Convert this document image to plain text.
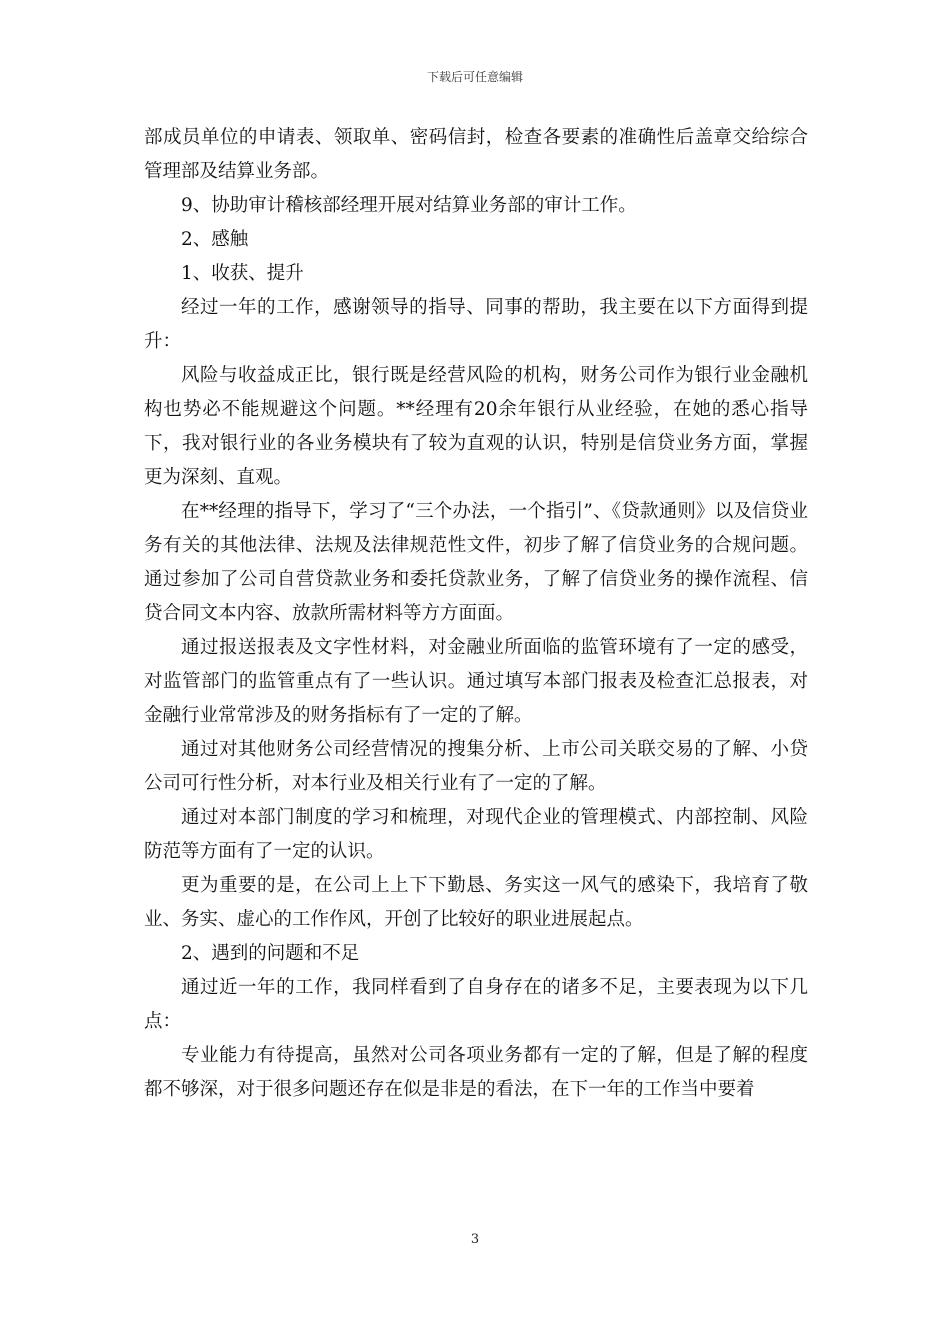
下载后可任意编辑

部成员单位的申请表、领取单、密码信封，检查各要素的准确性后盖章交给综合管理部及结算业务部。

9、协助审计稽核部经理开展对结算业务部的审计工作。

2、感触

1、收获、提升

经过一年的工作，感谢领导的指导、同事的帮助，我主要在以下方面得到提升：

风险与收益成正比，银行既是经营风险的机构，财务公司作为银行业金融机构也势必不能规避这个问题。**经理有20余年银行从业经验，在她的悉心指导下，我对银行业的各业务模块有了较为直观的认识，特别是信贷业务方面，掌握更为深刻、直观。

在**经理的指导下，学习了“三个办法，一个指引”、《贷款通则》以及信贷业务有关的其他法律、法规及法律规范性文件，初步了解了信贷业务的合规问题。通过参加了公司自营贷款业务和委托贷款业务，了解了信贷业务的操作流程、信贷合同文本内容、放款所需材料等方方面面。

通过报送报表及文字性材料，对金融业所面临的监管环境有了一定的感受，对监管部门的监管重点有了一些认识。通过填写本部门报表及检查汇总报表，对金融行业常常涉及的财务指标有了一定的了解。

通过对其他财务公司经营情况的搜集分析、上市公司关联交易的了解、小贷公司可行性分析，对本行业及相关行业有了一定的了解。

通过对本部门制度的学习和梳理，对现代企业的管理模式、内部控制、风险防范等方面有了一定的认识。

更为重要的是，在公司上上下下勤恳、务实这一风气的感染下，我培育了敬业、务实、虚心的工作作风，开创了比较好的职业进展起点。

2、遇到的问题和不足

通过近一年的工作，我同样看到了自身存在的诸多不足，主要表现为以下几点：

专业能力有待提高，虽然对公司各项业务都有一定的了解，但是了解的程度都不够深，对于很多问题还存在似是非是的看法，在下一年的工作当中要着

3
